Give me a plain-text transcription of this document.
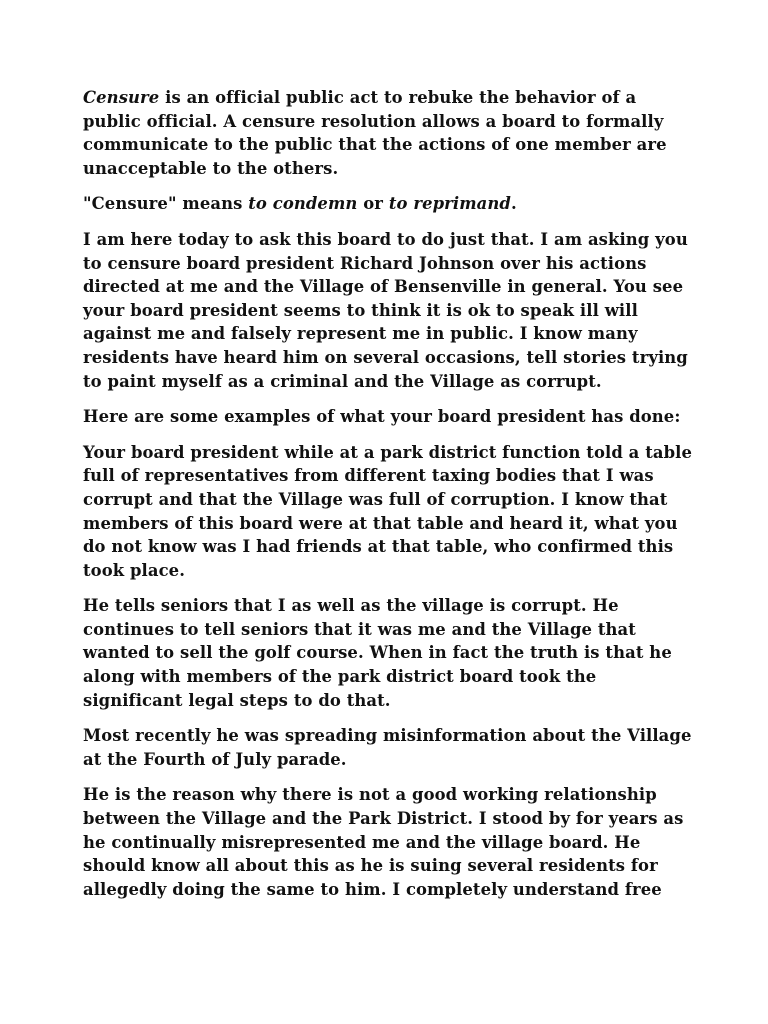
Censure is an official public act to rebuke the behavior of a public official. A censure resolution allows a board to formally communicate to the public that the actions of one member are unacceptable to the others.

"Censure" means to condemn or to reprimand.

I am here today to ask this board to do just that. I am asking you to censure board president Richard Johnson over his actions directed at me and the Village of Bensenville in general. You see your board president seems to think it is ok to speak ill will against me and falsely represent me in public. I know many residents have heard him on several occasions, tell stories trying to paint myself as a criminal and the Village as corrupt.

Here are some examples of what your board president has done:

Your board president while at a park district function told a table full of representatives from different taxing bodies that I was corrupt and that the Village was full of corruption. I know that members of this board were at that table and heard it, what you do not know was I had friends at that table, who confirmed this took place.

He tells seniors that I as well as the village is corrupt. He continues to tell seniors that it was me and the Village that wanted to sell the golf course. When in fact the truth is that he along with members of the park district board took the significant legal steps to do that.

Most recently he was spreading misinformation about the Village at the Fourth of July parade.

He is the reason why there is not a good working relationship between the Village and the Park District. I stood by for years as he continually misrepresented me and the village board. He should know all about this as he is suing several residents for allegedly doing the same to him. I completely understand free
